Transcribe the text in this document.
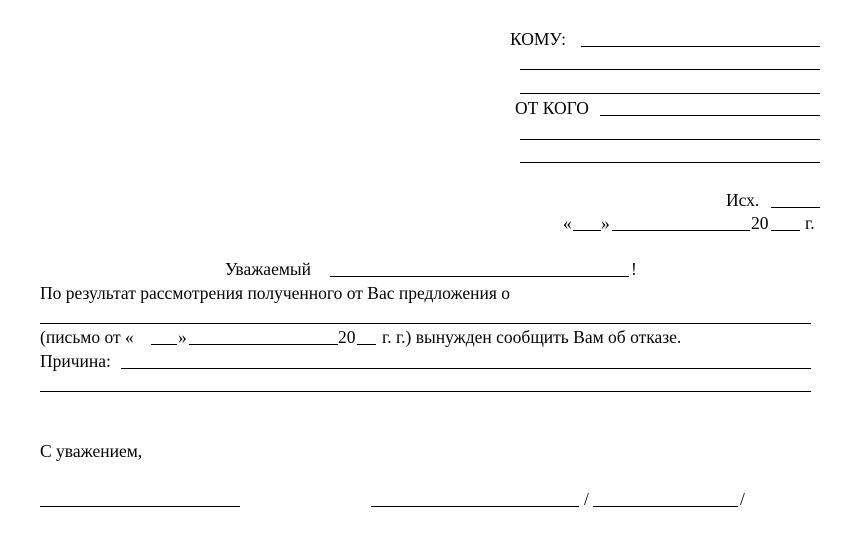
КОМУ:
ОТ КОГО
Исх.
« »	20 г.
Уважаемый	!
По результат рассмотрения полученного от Вас предложения о
(письмо от «	»	20 г. г.) вынужден сообщить Вам об отказе.
Причина:
С уважением,
/	/
